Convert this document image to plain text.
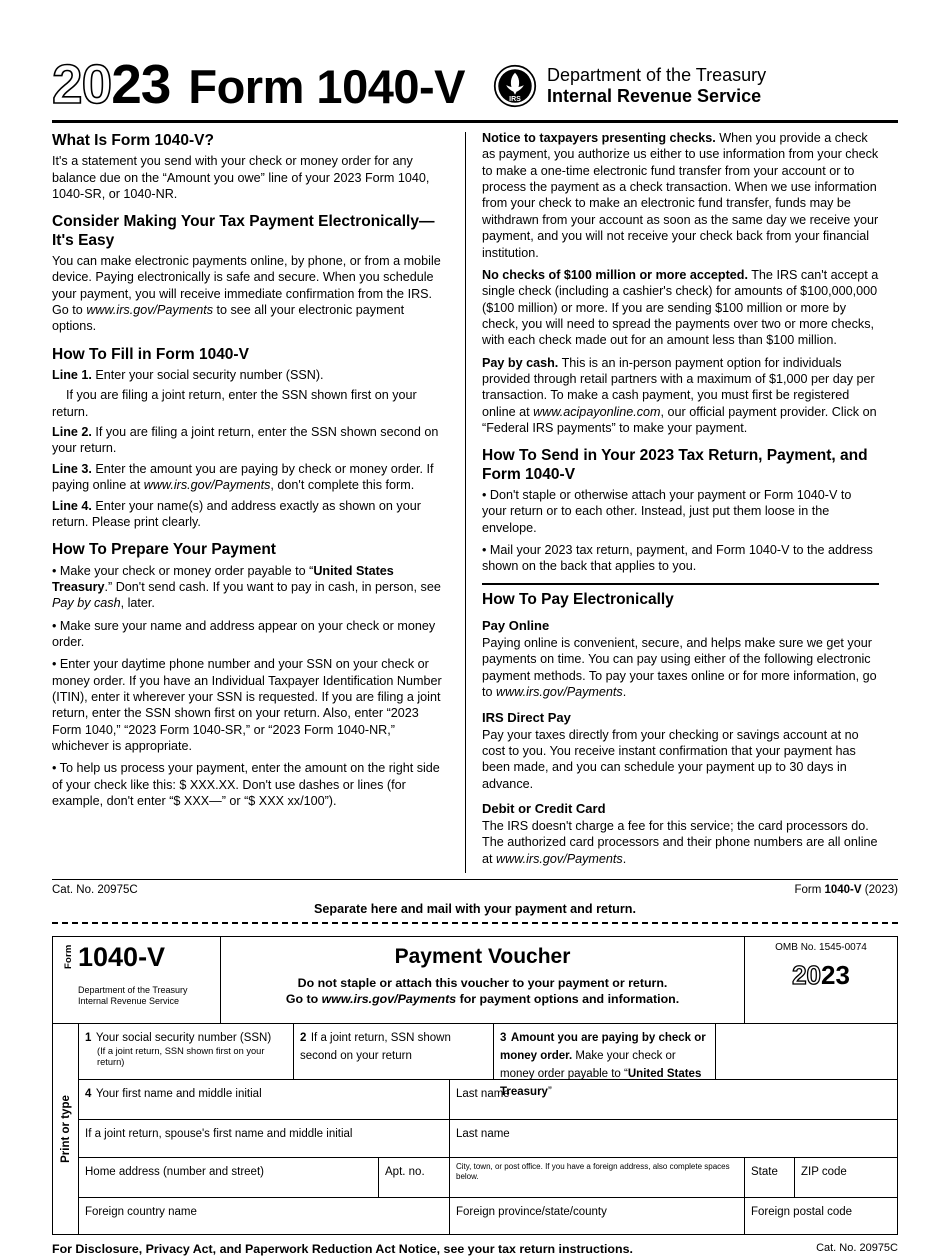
20 23 Form 1040-V	IRS
Department of the Treasury
Internal Revenue Service
What Is Form 1040-V?

It's a statement you send with your check or money order for any balance due on the “Amount you owe” line of your 2023 Form 1040, 1040-SR, or 1040-NR.

Consider Making Your Tax Payment Electronically—It's Easy

You can make electronic payments online, by phone, or from a mobile device. Paying electronically is safe and secure. When you schedule your payment, you will receive immediate confirmation from the IRS. Go to www.irs.gov/Payments to see all your electronic payment options.

How To Fill in Form 1040-V

Line 1. Enter your social security number (SSN).

If you are filing a joint return, enter the SSN shown first on your return.

Line 2. If you are filing a joint return, enter the SSN shown second on your return.

Line 3. Enter the amount you are paying by check or money order. If paying online at www.irs.gov/Payments, don't complete this form.

Line 4. Enter your name(s) and address exactly as shown on your return. Please print clearly.

How To Prepare Your Payment

• Make your check or money order payable to “United States Treasury.” Don't send cash. If you want to pay in cash, in person, see Pay by cash, later.

• Make sure your name and address appear on your check or money order.

• Enter your daytime phone number and your SSN on your check or money order. If you have an Individual Taxpayer Identification Number (ITIN), enter it wherever your SSN is requested. If you are filing a joint return, enter the SSN shown first on your return. Also, enter “2023 Form 1040,” “2023 Form 1040-SR,” or “2023 Form 1040-NR,” whichever is appropriate.

• To help us process your payment, enter the amount on the right side of your check like this: $ XXX.XX. Don't use dashes or lines (for example, don't enter “$ XXX—” or “$ XXX xx/100”).

Notice to taxpayers presenting checks. When you provide a check as payment, you authorize us either to use information from your check to make a one-time electronic fund transfer from your account or to process the payment as a check transaction. When we use information from your check to make an electronic fund transfer, funds may be withdrawn from your account as soon as the same day we receive your payment, and you will not receive your check back from your financial institution.

No checks of $100 million or more accepted. The IRS can't accept a single check (including a cashier's check) for amounts of $100,000,000 ($100 million) or more. If you are sending $100 million or more by check, you will need to spread the payments over two or more checks, with each check made out for an amount less than $100 million.

Pay by cash. This is an in-person payment option for individuals provided through retail partners with a maximum of $1,000 per day per transaction. To make a cash payment, you must first be registered online at www.acipayonline.com, our official payment provider. Click on “Federal IRS payments” to make your payment.

How To Send in Your 2023 Tax Return, Payment, and Form 1040-V

• Don't staple or otherwise attach your payment or Form 1040-V to your return or to each other. Instead, just put them loose in the envelope.

• Mail your 2023 tax return, payment, and Form 1040-V to the address shown on the back that applies to you.

How To Pay Electronically
Pay Online

Paying online is convenient, secure, and helps make sure we get your payments on time. You can pay using either of the following electronic payment methods. To pay your taxes online or for more information, go to www.irs.gov/Payments.

IRS Direct Pay

Pay your taxes directly from your checking or savings account at no cost to you. You receive instant confirmation that your payment has been made, and you can schedule your payment up to 30 days in advance.

Debit or Credit Card

The IRS doesn't charge a fee for this service; the card processors do. The authorized card processors and their phone numbers are all online at www.irs.gov/Payments.

Cat. No. 20975C	Form 1040-V (2023)
Separate here and mail with your payment and return.
Form 1040-V
Department of the Treasury
Internal Revenue Service
Payment Voucher
Do not staple or attach this voucher to your payment or return.
Go to www.irs.gov/Payments for payment options and information.
OMB No. 1545-0074
20 23
Print or type
1 Your social security number (SSN)
(If a joint return, SSN shown first on your return)
2 If a joint return, SSN shown second on your return
3 Amount you are paying by check or money order. Make your check or money order payable to “United States Treasury”
4 Your first name and middle initial	Last name
If a joint return, spouse's first name and middle initial	Last name
Home address (number and street)	Apt. no.	City, town, or post office. If you have a foreign address, also complete spaces below.	State	ZIP code
Foreign country name	Foreign province/state/county	Foreign postal code
For Disclosure, Privacy Act, and Paperwork Reduction Act Notice, see your tax return instructions.	Cat. No. 20975C
